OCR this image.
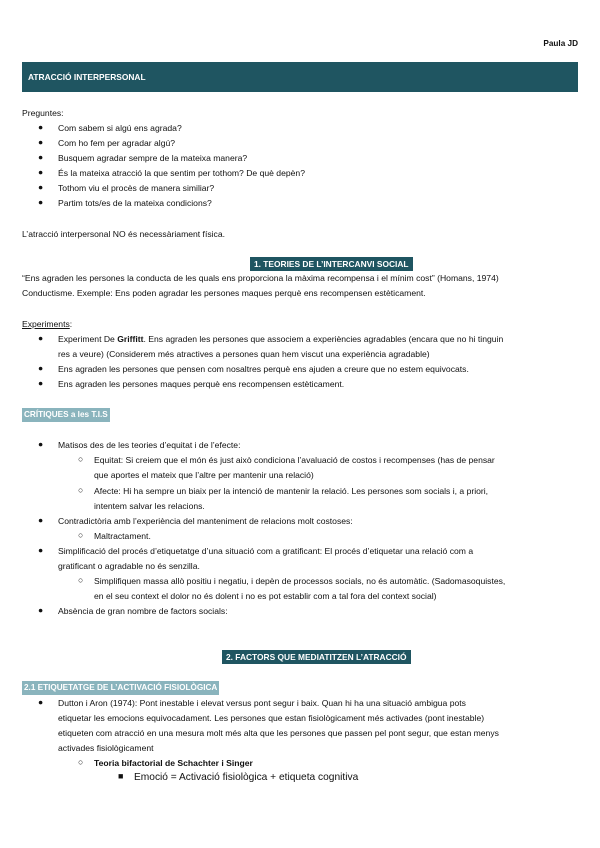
Paula JD
ATRACCIÓ INTERPERSONAL
Preguntes:
● Com sabem si algú ens agrada?
● Com ho fem per agradar algú?
● Busquem agradar sempre de la mateixa manera?
● És la mateixa atracció la que sentim per tothom? De què depèn?
● Tothom viu el procès de manera similiar?
● Partim tots/es de la mateixa condicions?
L’atracció interpersonal NO és necessàriament física.
1. TEORIES DE L’INTERCANVI SOCIAL
“Ens agraden les persones la conducta de les quals ens proporciona la màxima recompensa i el mínim cost” (Homans, 1974)
Conductisme. Exemple: Ens poden agradar les persones maques perquè ens recompensen estèticament.
Experiments:
● Experiment De Griffitt. Ens agraden les persones que associem a experiències agradables (encara que no hi tinguin
res a veure) (Considerem més atractives a persones quan hem viscut una experiència agradable)
● Ens agraden les persones que pensen com nosaltres perquè ens ajuden a creure que no estem equivocats.
● Ens agraden les persones maques perquè ens recompensen estèticament.
CRÍTIQUES a les T.I.S
● Matisos des de les teories d’equitat i de l’efecte:
○ Equitat: Si creiem que el món és just això condiciona l’avaluació de costos i recompenses (has de pensar
que aportes el mateix que l’altre per mantenir una relació)
○ Afecte: Hi ha sempre un biaix per la intenció de mantenir la relació. Les persones som socials i, a priori,
intentem salvar les relacions.
● Contradictòria amb l’experiència del manteniment de relacions molt costoses:
○ Maltractament.
● Simplificació del procés d’etiquetatge d’una situació com a gratificant: El procés d’etiquetar una relació com a
gratificant o agradable no és senzilla.
○ Simplifiquen massa allò positiu i negatiu, i depèn de processos socials, no és automàtic. (Sadomasoquistes,
en el seu context el dolor no és dolent i no es pot establir com a tal fora del context social)
● Absència de gran nombre de factors socials:
2. FACTORS QUE MEDIATITZEN L’ATRACCIÓ
2.1 ETIQUETATGE DE L’ACTIVACIÓ FISIOLÒGICA
● Dutton i Aron (1974): Pont inestable i elevat versus pont segur i baix. Quan hi ha una situació ambigua pots
etiquetar les emocions equivocadament. Les persones que estan fisiològicament més activades (pont inestable)
etiqueten com atracció en una mesura molt més alta que les persones que passen pel pont segur, que estan menys
activades fisiològicament
○ Teoria bifactorial de Schachter i Singer
■ Emoció = Activació fisiològica + etiqueta cognitiva
